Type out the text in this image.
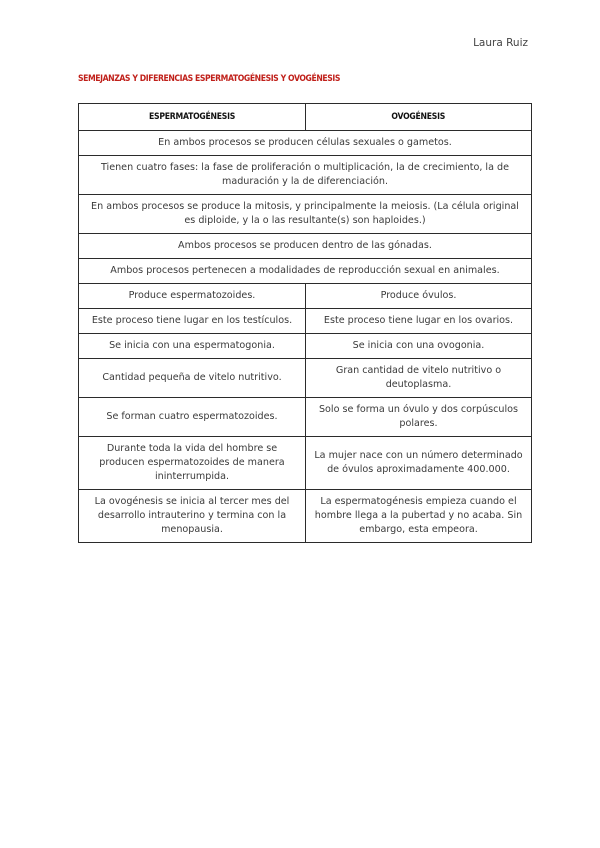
Laura Ruiz
SEMEJANZAS Y DIFERENCIAS ESPERMATOGÉNESIS Y OVOGÉNESIS
ESPERMATOGÉNESIS	OVOGÉNESIS
En ambos procesos se producen células sexuales o gametos.	
Tienen cuatro fases: la fase de proliferación o multiplicación, la de crecimiento, la de maduración y la de diferenciación.	
En ambos procesos se produce la mitosis, y principalmente la meiosis. (La célula original es diploide, y la o las resultante(s) son haploides.)	
Ambos procesos se producen dentro de las gónadas.	
Ambos procesos pertenecen a modalidades de reproducción sexual en animales.	
Produce espermatozoides.	Produce óvulos.
Este proceso tiene lugar en los testículos.	Este proceso tiene lugar en los ovarios.
Se inicia con una espermatogonia.	Se inicia con una ovogonia.
Cantidad pequeña de vitelo nutritivo.	Gran cantidad de vitelo nutritivo o deutoplasma.
Se forman cuatro espermatozoides.	Solo se forma un óvulo y dos corpúsculos polares.
Durante toda la vida del hombre se producen espermatozoides de manera ininterrumpida.	La mujer nace con un número determinado de óvulos aproximadamente 400.000.
La ovogénesis se inicia al tercer mes del desarrollo intrauterino y termina con la menopausia.	La espermatogénesis empieza cuando el hombre llega a la pubertad y no acaba. Sin embargo, esta empeora.
